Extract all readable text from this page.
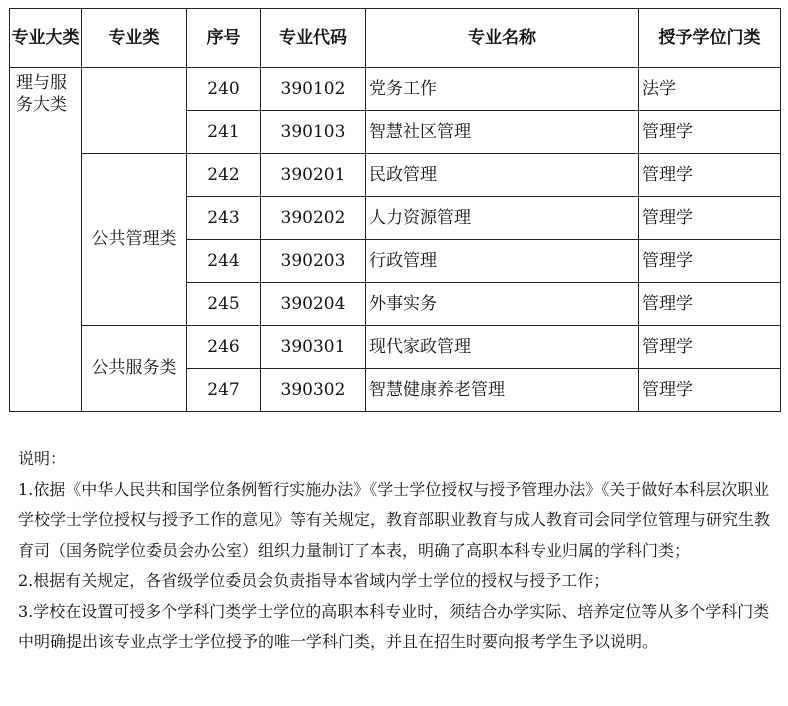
专业大类	专业类	序号	专业代码	专业名称	授予学位门类
理与服务大类		240	390102	党务工作	法学
		241	390103	智慧社区管理	管理学
	公共管理类	242	390201	民政管理	管理学
		243	390202	人力资源管理	管理学
		244	390203	行政管理	管理学
		245	390204	外事实务	管理学
	公共服务类	246	390301	现代家政管理	管理学
		247	390302	智慧健康养老管理	管理学

说明：

1.依据《中华人民共和国学位条例暂行实施办法》《学士学位授权与授予管理办法》《关于做好本科层次职业学校学士学位授权与授予工作的意见》等有关规定，教育部职业教育与成人教育司会同学位管理与研究生教育司（国务院学位委员会办公室）组织力量制订了本表，明确了高职本科专业归属的学科门类；

2.根据有关规定，各省级学位委员会负责指导本省域内学士学位的授权与授予工作；

3.学校在设置可授多个学科门类学士学位的高职本科专业时，须结合办学实际、培养定位等从多个学科门类中明确提出该专业点学士学位授予的唯一学科门类，并且在招生时要向报考学生予以说明。
